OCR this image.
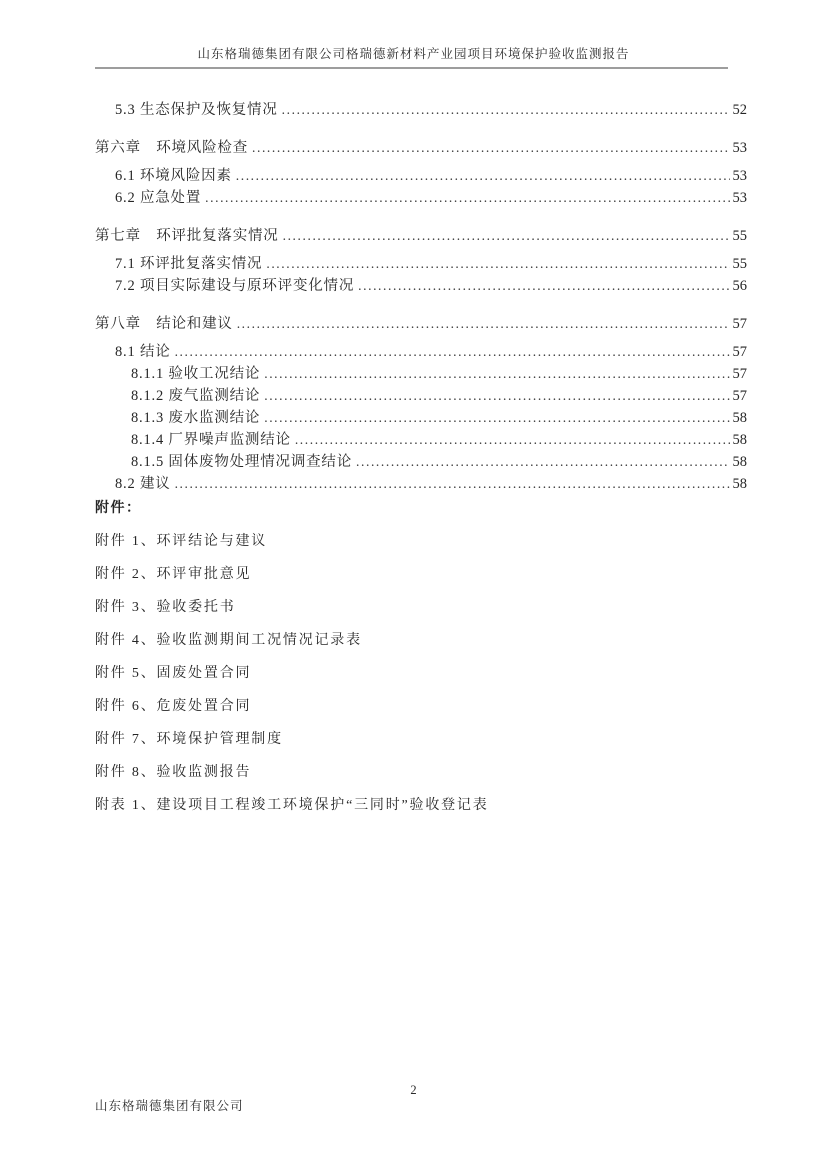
山东格瑞德集团有限公司格瑞德新材料产业园项目环境保护验收监测报告
5.3 生态保护及恢复情况 .....	52
第六章　环境风险检查 .....	53
6.1 环境风险因素 .....	53
6.2 应急处置 .....	53
第七章　环评批复落实情况 .....	55
7.1 环评批复落实情况 .....	55
7.2 项目实际建设与原环评变化情况 .....	56
第八章　结论和建议 .....	57
8.1 结论 .....	57
8.1.1 验收工况结论 .....	57
8.1.2 废气监测结论 .....	57
8.1.3 废水监测结论 .....	58
8.1.4 厂界噪声监测结论 .....	58
8.1.5 固体废物处理情况调查结论 .....	58
8.2 建议 .....	58
附件：
附件 1、环评结论与建议
附件 2、环评审批意见
附件 3、验收委托书
附件 4、验收监测期间工况情况记录表
附件 5、固废处置合同
附件 6、危废处置合同
附件 7、环境保护管理制度
附件 8、验收监测报告
附表 1、建设项目工程竣工环境保护“三同时”验收登记表
2
山东格瑞德集团有限公司
